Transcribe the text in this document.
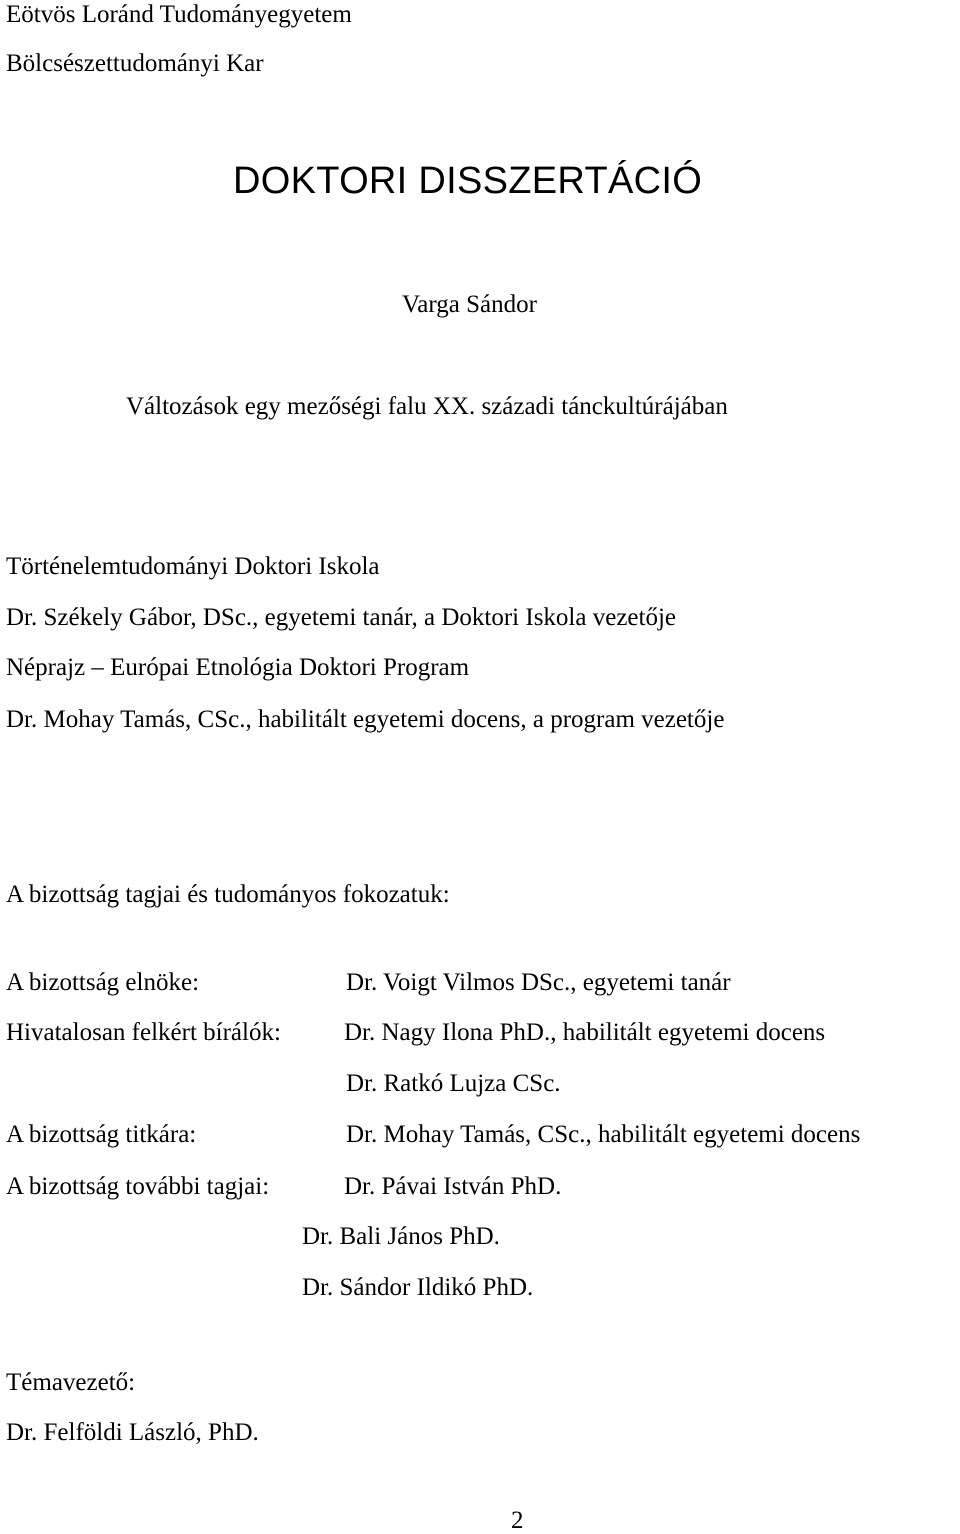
Eötvös Loránd Tudományegyetem
Bölcsészettudományi Kar
DOKTORI DISSZERTÁCIÓ
Varga Sándor
Változások egy mezőségi falu XX. századi tánckultúrájában
Történelemtudományi Doktori Iskola
Dr. Székely Gábor, DSc., egyetemi tanár, a Doktori Iskola vezetője
Néprajz – Európai Etnológia Doktori Program
Dr. Mohay Tamás, CSc., habilitált egyetemi docens, a program vezetője
A bizottság tagjai és tudományos fokozatuk:
A bizottság elnöke:	Dr. Voigt Vilmos DSc., egyetemi tanár
Hivatalosan felkért bírálók:	Dr. Nagy Ilona PhD., habilitált egyetemi docens
Dr. Ratkó Lujza CSc.
A bizottság titkára:	Dr. Mohay Tamás, CSc., habilitált egyetemi docens
A bizottság további tagjai:	Dr. Pávai István PhD.
Dr. Bali János PhD.
Dr. Sándor Ildikó PhD.
Témavezető:
Dr. Felföldi László, PhD.
2
